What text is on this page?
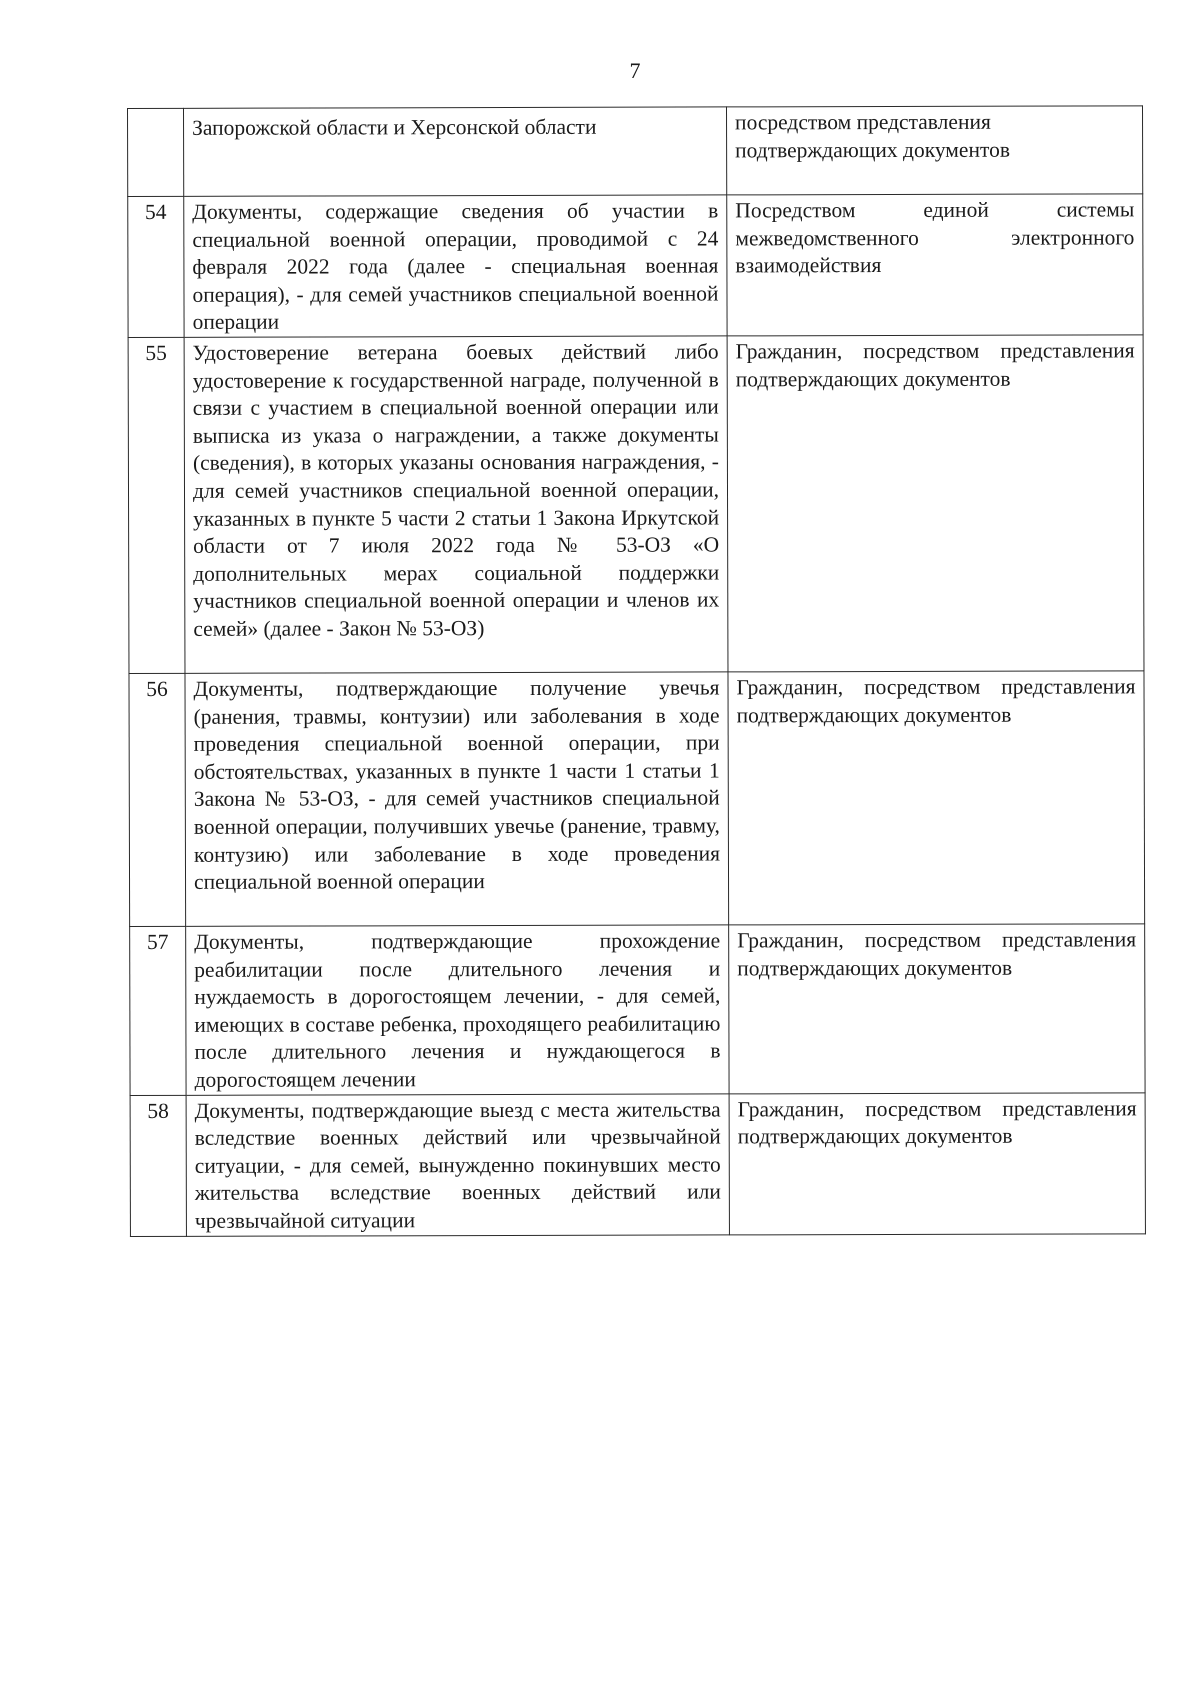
7
	Запорожской области и Херсонской области	посредством представления подтверждающих документов
54	Документы, содержащие сведения об участии в специальной военной операции, проводимой с 24 февраля 2022 года (далее - специальная военная операция), - для семей участников специальной военной операции	Посредством единой системы межведомственного электронного взаимодействия
55	Удостоверение ветерана боевых действий либо удостоверение к государственной награде, полученной в связи с участием в специальной военной операции или выписка из указа о награждении, а также документы (сведения), в которых указаны основания награждения, - для семей участников специальной военной операции, указанных в пункте 5 части 2 статьи 1 Закона Иркутской области от 7 июля 2022 года № 53-ОЗ «О дополнительных мерах социальной поддержки участников специальной военной операции и членов их семей» (далее - Закон № 53-ОЗ)	Гражданин, посредством представления подтверждающих документов
56	Документы, подтверждающие получение увечья (ранения, травмы, контузии) или заболевания в ходе проведения специальной военной операции, при обстоятельствах, указанных в пункте 1 части 1 статьи 1 Закона № 53-ОЗ, - для семей участников специальной военной операции, получивших увечье (ранение, травму, контузию) или заболевание в ходе проведения специальной военной операции	Гражданин, посредством представления подтверждающих документов
57	Документы, подтверждающие прохождение реабилитации после длительного лечения и нуждаемость в дорогостоящем лечении, - для семей, имеющих в составе ребенка, проходящего реабилитацию после длительного лечения и нуждающегося в дорогостоящем лечении	Гражданин, посредством представления подтверждающих документов
58	Документы, подтверждающие выезд с места жительства вследствие военных действий или чрезвычайной ситуации, - для семей, вынужденно покинувших место жительства вследствие военных действий или чрезвычайной ситуации	Гражданин, посредством представления подтверждающих документов
